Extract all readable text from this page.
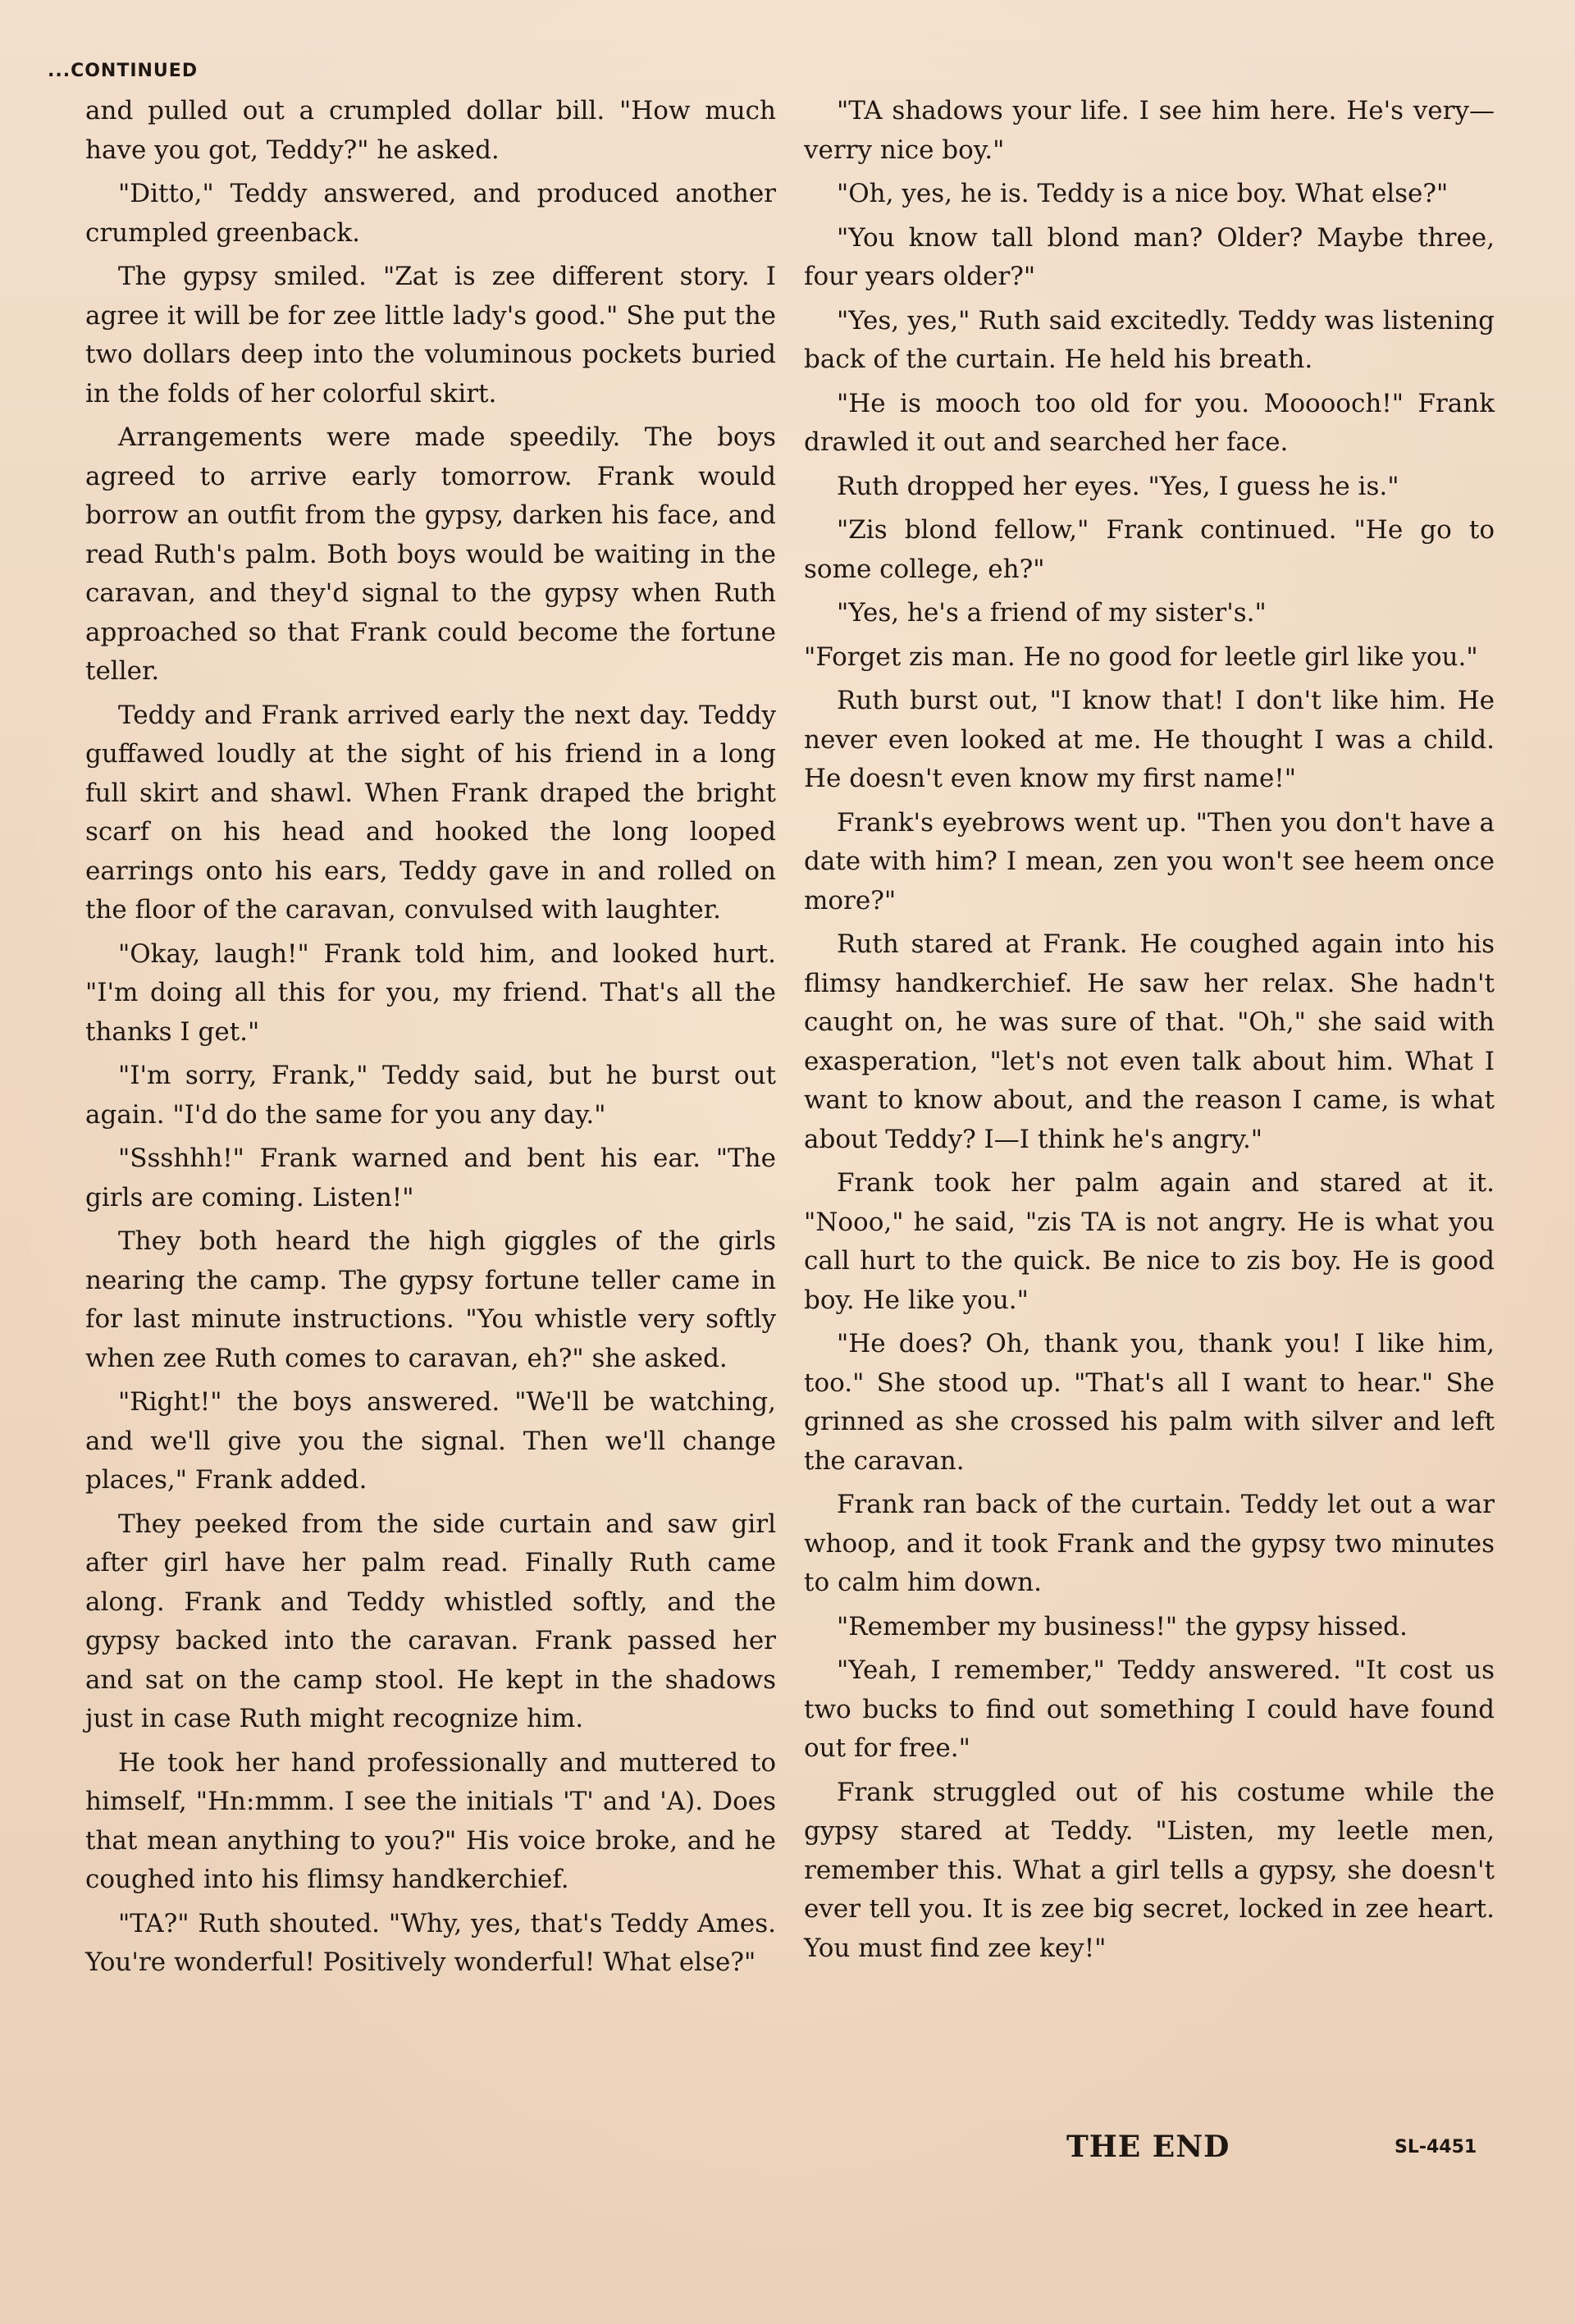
...CONTINUED

and pulled out a crumpled dollar bill. "How much have you got, Teddy?" he asked.

"Ditto," Teddy answered, and produced another crumpled greenback.

The gypsy smiled. "Zat is zee different story. I agree it will be for zee little lady's good." She put the two dollars deep into the voluminous pockets buried in the folds of her colorful skirt.

Arrangements were made speedily. The boys agreed to arrive early tomorrow. Frank would borrow an outfit from the gypsy, darken his face, and read Ruth's palm. Both boys would be waiting in the caravan, and they'd signal to the gypsy when Ruth approached so that Frank could become the fortune teller.

Teddy and Frank arrived early the next day. Teddy guffawed loudly at the sight of his friend in a long full skirt and shawl. When Frank draped the bright scarf on his head and hooked the long looped earrings onto his ears, Teddy gave in and rolled on the floor of the caravan, convulsed with laughter.

"Okay, laugh!" Frank told him, and looked hurt. "I'm doing all this for you, my friend. That's all the thanks I get."

"I'm sorry, Frank," Teddy said, but he burst out again. "I'd do the same for you any day."

"Ssshhh!" Frank warned and bent his ear. "The girls are coming. Listen!"

They both heard the high giggles of the girls nearing the camp. The gypsy fortune teller came in for last minute instructions. "You whistle very softly when zee Ruth comes to caravan, eh?" she asked.

"Right!" the boys answered. "We'll be watching, and we'll give you the signal. Then we'll change places," Frank added.

They peeked from the side curtain and saw girl after girl have her palm read. Finally Ruth came along. Frank and Teddy whistled softly, and the gypsy backed into the caravan. Frank passed her and sat on the camp stool. He kept in the shadows just in case Ruth might recognize him.

He took her hand professionally and muttered to himself, "Hn:mmm. I see the initials 'T' and 'A). Does that mean anything to you?" His voice broke, and he coughed into his flimsy handkerchief.

"TA?" Ruth shouted. "Why, yes, that's Teddy Ames. You're wonderful! Positively wonderful! What else?"

"TA shadows your life. I see him here. He's very—verry nice boy."

"Oh, yes, he is. Teddy is a nice boy. What else?"

"You know tall blond man? Older? Maybe three, four years older?"

"Yes, yes," Ruth said excitedly. Teddy was listening back of the curtain. He held his breath.

"He is mooch too old for you. Mooooch!" Frank drawled it out and searched her face.

Ruth dropped her eyes. "Yes, I guess he is."

"Zis blond fellow," Frank continued. "He go to some college, eh?"

"Yes, he's a friend of my sister's."

"Forget zis man. He no good for leetle girl like you."

Ruth burst out, "I know that! I don't like him. He never even looked at me. He thought I was a child. He doesn't even know my first name!"

Frank's eyebrows went up. "Then you don't have a date with him? I mean, zen you won't see heem once more?"

Ruth stared at Frank. He coughed again into his flimsy handkerchief. He saw her relax. She hadn't caught on, he was sure of that. "Oh," she said with exasperation, "let's not even talk about him. What I want to know about, and the reason I came, is what about Teddy? I—I think he's angry."

Frank took her palm again and stared at it. "Nooo," he said, "zis TA is not angry. He is what you call hurt to the quick. Be nice to zis boy. He is good boy. He like you."

"He does? Oh, thank you, thank you! I like him, too." She stood up. "That's all I want to hear." She grinned as she crossed his palm with silver and left the caravan.

Frank ran back of the curtain. Teddy let out a war whoop, and it took Frank and the gypsy two minutes to calm him down.

"Remember my business!" the gypsy hissed.

"Yeah, I remember," Teddy answered. "It cost us two bucks to find out something I could have found out for free."

Frank struggled out of his costume while the gypsy stared at Teddy. "Listen, my leetle men, remember this. What a girl tells a gypsy, she doesn't ever tell you. It is zee big secret, locked in zee heart. You must find zee key!"

THE END	SL-4451
